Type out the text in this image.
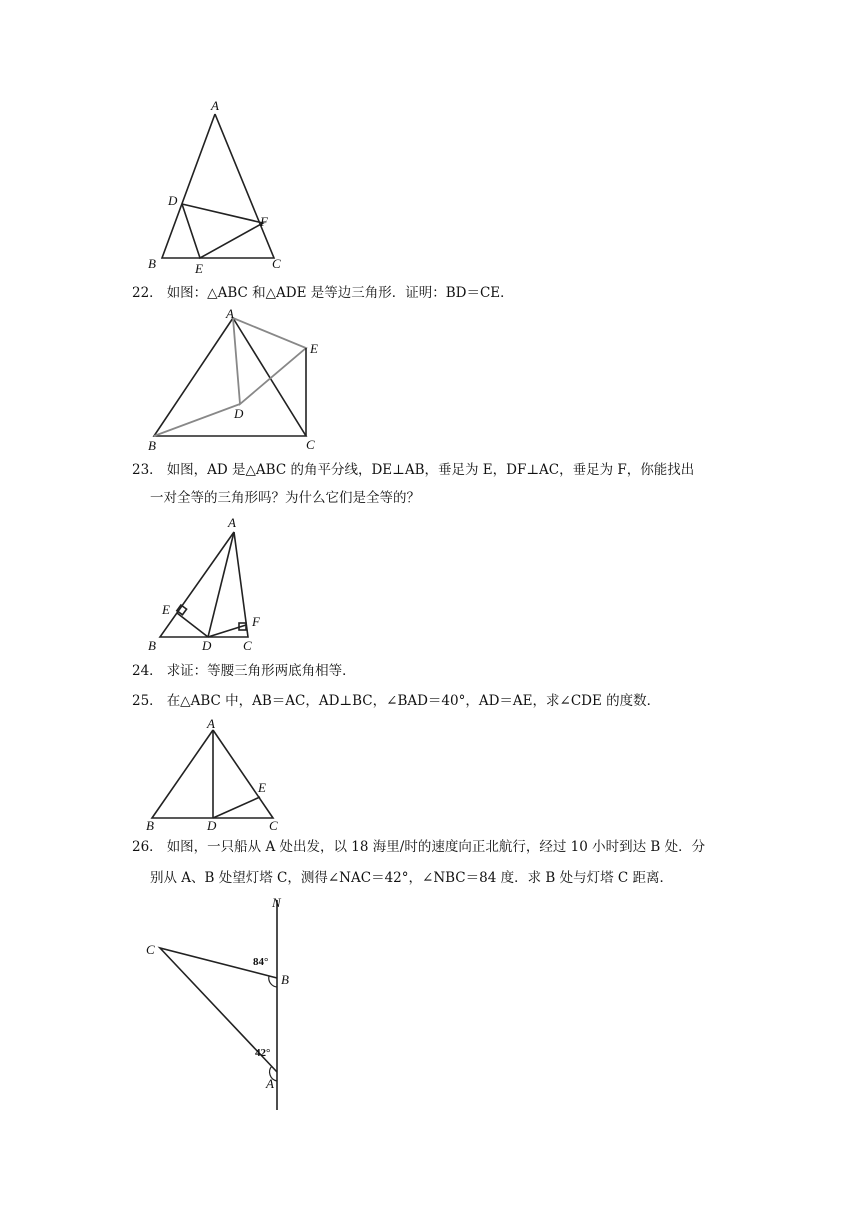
A
B	C
D
E
F
22． 如图：△ABC 和△ADE 是等边三角形．证明：BD＝CE．
A
B	C
D
E
23． 如图，AD 是△ABC 的角平分线，DE⊥AB，垂足为 E，DF⊥AC，垂足为 F，你能找出
一对全等的三角形吗？为什么它们是全等的？
A
B	C
D
E
F
24． 求证：等腰三角形两底角相等．
25． 在△ABC 中，AB＝AC，AD⊥BC，∠BAD＝40°，AD＝AE，求∠CDE 的度数．
A
B	C
D
E
26． 如图，一只船从 A 处出发，以 18 海里/时的速度向正北航行，经过 10 小时到达 B 处．分
别从 A、B 处望灯塔 C，测得∠NAC＝42°，∠NBC＝84 度．求 B 处与灯塔 C 距离．
N
C
B
A
84°
42°
